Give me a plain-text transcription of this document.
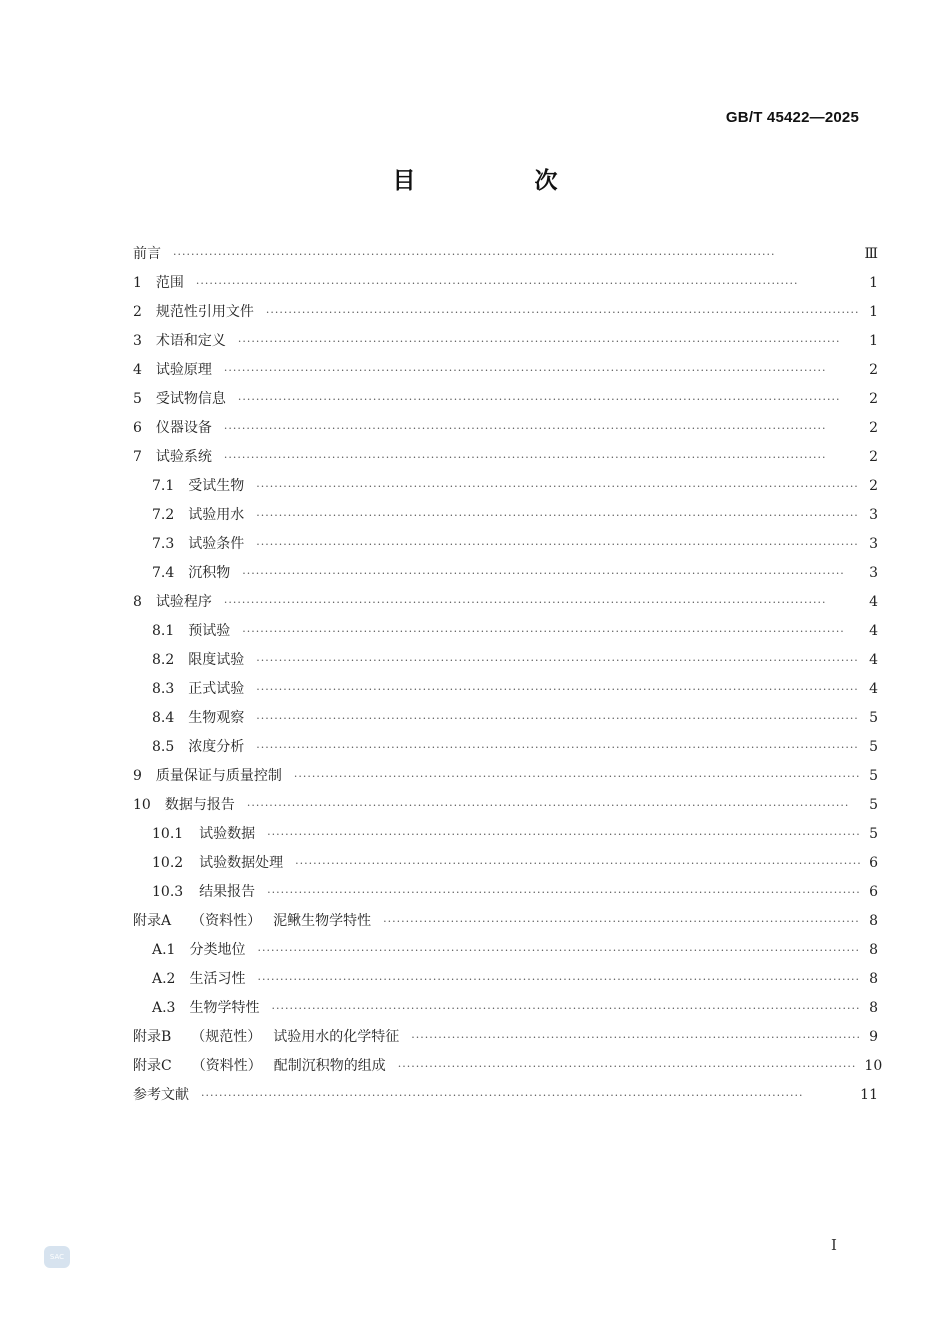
GB/T 45422—2025
目　次
前言 ·····	Ⅲ
1 范围 ·····	1
2 规范性引用文件 ·····	1
3 术语和定义 ·····	1
4 试验原理 ·····	2
5 受试物信息 ·····	2
6 仪器设备 ·····	2
7 试验系统 ·····	2
7.1 受试生物 ·····	2
7.2 试验用水 ·····	3
7.3 试验条件 ·····	3
7.4 沉积物 ·····	3
8 试验程序 ·····	4
8.1 预试验 ·····	4
8.2 限度试验 ·····	4
8.3 正式试验 ·····	4
8.4 生物观察 ·····	5
8.5 浓度分析 ·····	5
9 质量保证与质量控制 ·····	5
10 数据与报告 ·····	5
10.1 试验数据 ·····	5
10.2 试验数据处理 ·····	6
10.3 结果报告 ·····	6
附录A （资料性） 泥鳅生物学特性 ·····	8
A.1 分类地位 ·····	8
A.2 生活习性 ·····	8
A.3 生物学特性 ·····	8
附录B （规范性） 试验用水的化学特征 ·····	9
附录C （资料性） 配制沉积物的组成 ·····	10
参考文献 ·····	11
Ⅰ
SAC
